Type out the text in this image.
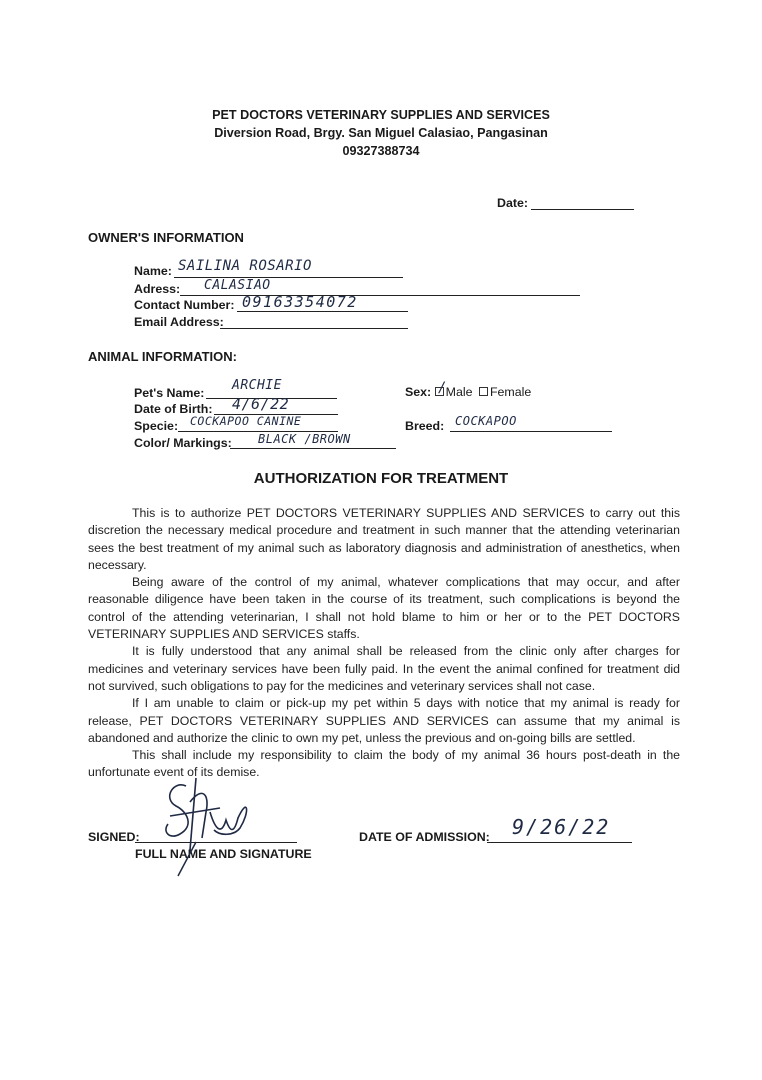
PET DOCTORS VETERINARY SUPPLIES AND SERVICES
Diversion Road, Brgy. San Miguel Calasiao, Pangasinan
09327388734
Date:
OWNER'S INFORMATION
Name: SAILINA ROSARIO
Adress: CALASIAO
Contact Number: 09163354072
Email Address:
ANIMAL INFORMATION:
Pet's Name: ARCHIE
Date of Birth: 4/6/22
Specie: COCKAPOO CANINE
Color/ Markings: BLACK /BROWN
Sex: Male Female
/
Breed: COCKAPOO
AUTHORIZATION FOR TREATMENT

This is to authorize PET DOCTORS VETERINARY SUPPLIES AND SERVICES to carry out this discretion the necessary medical procedure and treatment in such manner that the attending veterinarian sees the best treatment of my animal such as laboratory diagnosis and administration of anesthetics, when necessary.

Being aware of the control of my animal, whatever complications that may occur, and after reasonable diligence have been taken in the course of its treatment, such complications is beyond the control of the attending veterinarian, I shall not hold blame to him or her or to the PET DOCTORS VETERINARY SUPPLIES AND SERVICES staffs.

It is fully understood that any animal shall be released from the clinic only after charges for medicines and veterinary services have been fully paid. In the event the animal confined for treatment did not survived, such obligations to pay for the medicines and veterinary services shall not case.

If I am unable to claim or pick-up my pet within 5 days with notice that my animal is ready for release, PET DOCTORS VETERINARY SUPPLIES AND SERVICES can assume that my animal is abandoned and authorize the clinic to own my pet, unless the previous and on-going bills are settled.

This shall include my responsibility to claim the body of my animal 36 hours post-death in the unfortunate event of its demise.

SIGNED:
FULL NAME AND SIGNATURE
DATE OF ADMISSION: 9/26/22
